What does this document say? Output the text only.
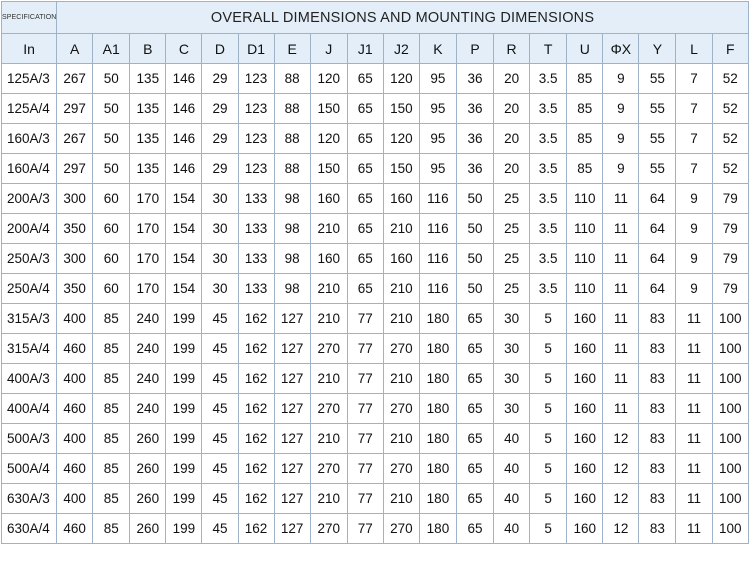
SPECIFICATION	OVERALL DIMENSIONS AND MOUNTING DIMENSIONS																		
In	A	A1	B	C	D	D1	E	J	J1	J2	K	P	R	T	U	ΦX	Y	L	F
125A/3	267	50	135	146	29	123	88	120	65	120	95	36	20	3.5	85	9	55	7	52
125A/4	297	50	135	146	29	123	88	150	65	150	95	36	20	3.5	85	9	55	7	52
160A/3	267	50	135	146	29	123	88	120	65	120	95	36	20	3.5	85	9	55	7	52
160A/4	297	50	135	146	29	123	88	150	65	150	95	36	20	3.5	85	9	55	7	52
200A/3	300	60	170	154	30	133	98	160	65	160	116	50	25	3.5	110	11	64	9	79
200A/4	350	60	170	154	30	133	98	210	65	210	116	50	25	3.5	110	11	64	9	79
250A/3	300	60	170	154	30	133	98	160	65	160	116	50	25	3.5	110	11	64	9	79
250A/4	350	60	170	154	30	133	98	210	65	210	116	50	25	3.5	110	11	64	9	79
315A/3	400	85	240	199	45	162	127	210	77	210	180	65	30	5	160	11	83	11	100
315A/4	460	85	240	199	45	162	127	270	77	270	180	65	30	5	160	11	83	11	100
400A/3	400	85	240	199	45	162	127	210	77	210	180	65	30	5	160	11	83	11	100
400A/4	460	85	240	199	45	162	127	270	77	270	180	65	30	5	160	11	83	11	100
500A/3	400	85	260	199	45	162	127	210	77	210	180	65	40	5	160	12	83	11	100
500A/4	460	85	260	199	45	162	127	270	77	270	180	65	40	5	160	12	83	11	100
630A/3	400	85	260	199	45	162	127	210	77	210	180	65	40	5	160	12	83	11	100
630A/4	460	85	260	199	45	162	127	270	77	270	180	65	40	5	160	12	83	11	100
